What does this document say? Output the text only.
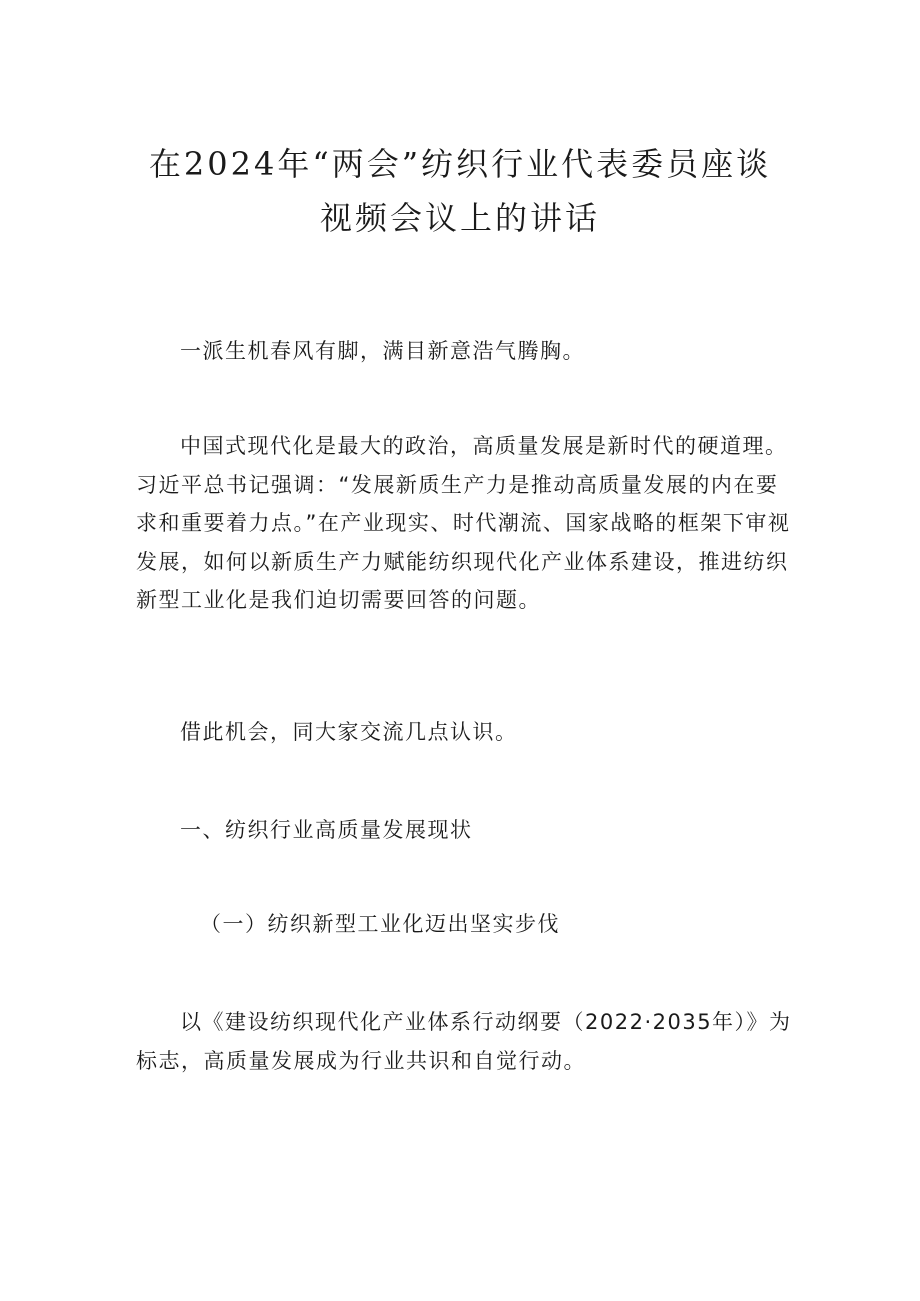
在2024年“两会”纺织行业代表委员座谈
视频会议上的讲话
一派生机春风有脚，满目新意浩气腾胸。
中国式现代化是最大的政治，高质量发展是新时代的硬道理。习近平总书记强调：“发展新质生产力是推动高质量发展的内在要求和重要着力点。”在产业现实、时代潮流、国家战略的框架下审视发展，如何以新质生产力赋能纺织现代化产业体系建设，推进纺织新型工业化是我们迫切需要回答的问题。
借此机会，同大家交流几点认识。
一、纺织行业高质量发展现状
（一）纺织新型工业化迈出坚实步伐
以《建设纺织现代化产业体系行动纲要（2022·2035年）》为标志，高质量发展成为行业共识和自觉行动。
